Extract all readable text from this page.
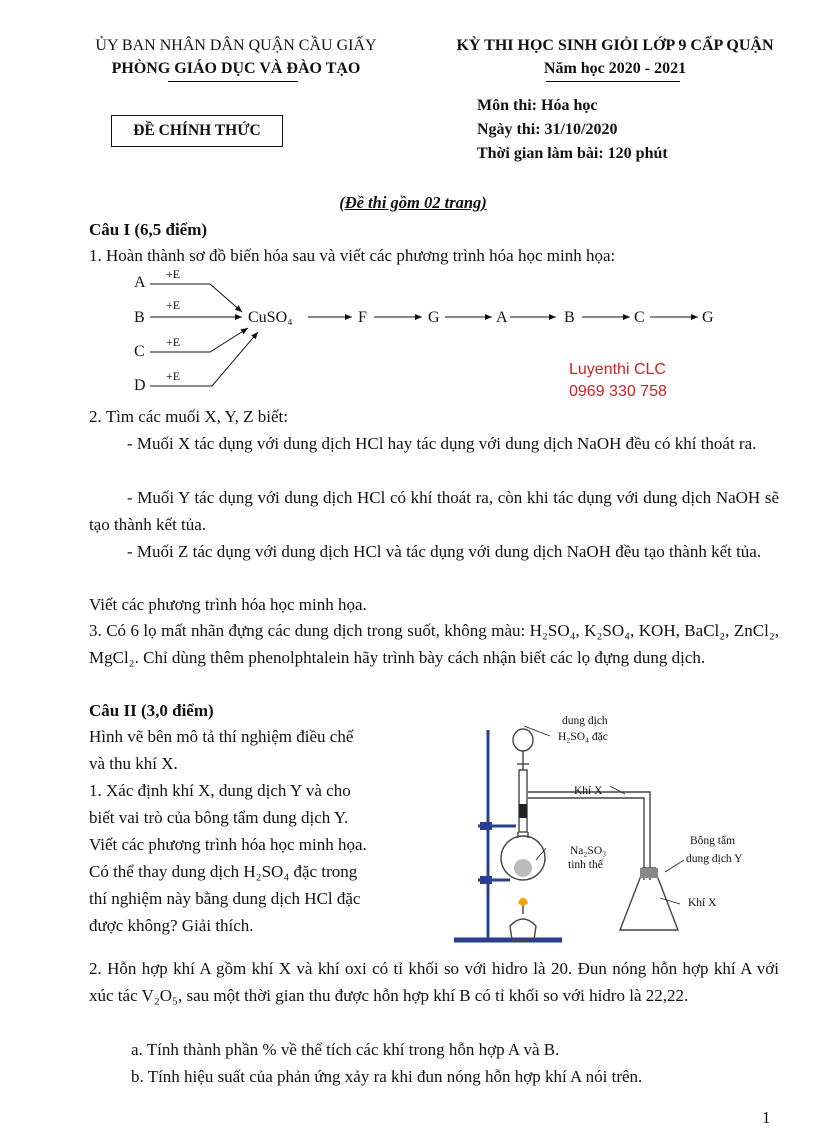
ỦY BAN NHÂN DÂN QUẬN CẦU GIẤY
PHÒNG GIÁO DỤC VÀ ĐÀO TẠO
KỲ THI HỌC SINH GIỎI LỚP 9 CẤP QUẬN
Năm học 2020 - 2021
ĐỀ CHÍNH THỨC
Môn thi: Hóa học
Ngày thi: 31/10/2020
Thời gian làm bài: 120 phút
(Đề thi gồm 02 trang)
Câu I (6,5 điểm)
1. Hoàn thành sơ đồ biến hóa sau và viết các phương trình hóa học minh họa:
A
B
C
D
+E
+E
+E
+E
CuSO₄	F	G	A	B	C	G
Luyenthi CLC
0969 330 758
2. Tìm các muối X, Y, Z biết:
- Muối X tác dụng với dung dịch HCl hay tác dụng với dung dịch NaOH đều có khí thoát ra.
- Muối Y tác dụng với dung dịch HCl có khí thoát ra, còn khi tác dụng với dung dịch NaOH sẽ tạo thành kết tủa.
- Muối Z tác dụng với dung dịch HCl và tác dụng với dung dịch NaOH đều tạo thành kết tủa.
Viết các phương trình hóa học minh họa.
3. Có 6 lọ mất nhãn đựng các dung dịch trong suốt, không màu: H₂SO₄, K₂SO₄, KOH, BaCl₂, ZnCl₂, MgCl₂. Chỉ dùng thêm phenolphtalein hãy trình bày cách nhận biết các lọ đựng dung dịch.
Câu II (3,0 điểm)
Hình vẽ bên mô tả thí nghiệm điều chế
và thu khí X.
1. Xác định khí X, dung dịch Y và cho
biết vai trò của bông tẩm dung dịch Y.
Viết các phương trình hóa học minh họa.
Có thể thay dung dịch H₂SO₄ đặc trong
thí nghiệm này bằng dung dịch HCl đặc
được không? Giải thích.
dung dịch
H₂SO₄ đặc
Khí X
Na₂SO₃
tinh thể
Bông tẩm
dung dịch Y
Khí X
2. Hỗn hợp khí A gồm khí X và khí oxi có tỉ khối so với hidro là 20. Đun nóng hỗn hợp khí A với xúc tác V₂O₅, sau một thời gian thu được hỗn hợp khí B có tỉ khối so với hidro là 22,22.
a. Tính thành phần % về thể tích các khí trong hỗn hợp A và B.
b. Tính hiệu suất của phản ứng xảy ra khi đun nóng hỗn hợp khí A nói trên.
1
